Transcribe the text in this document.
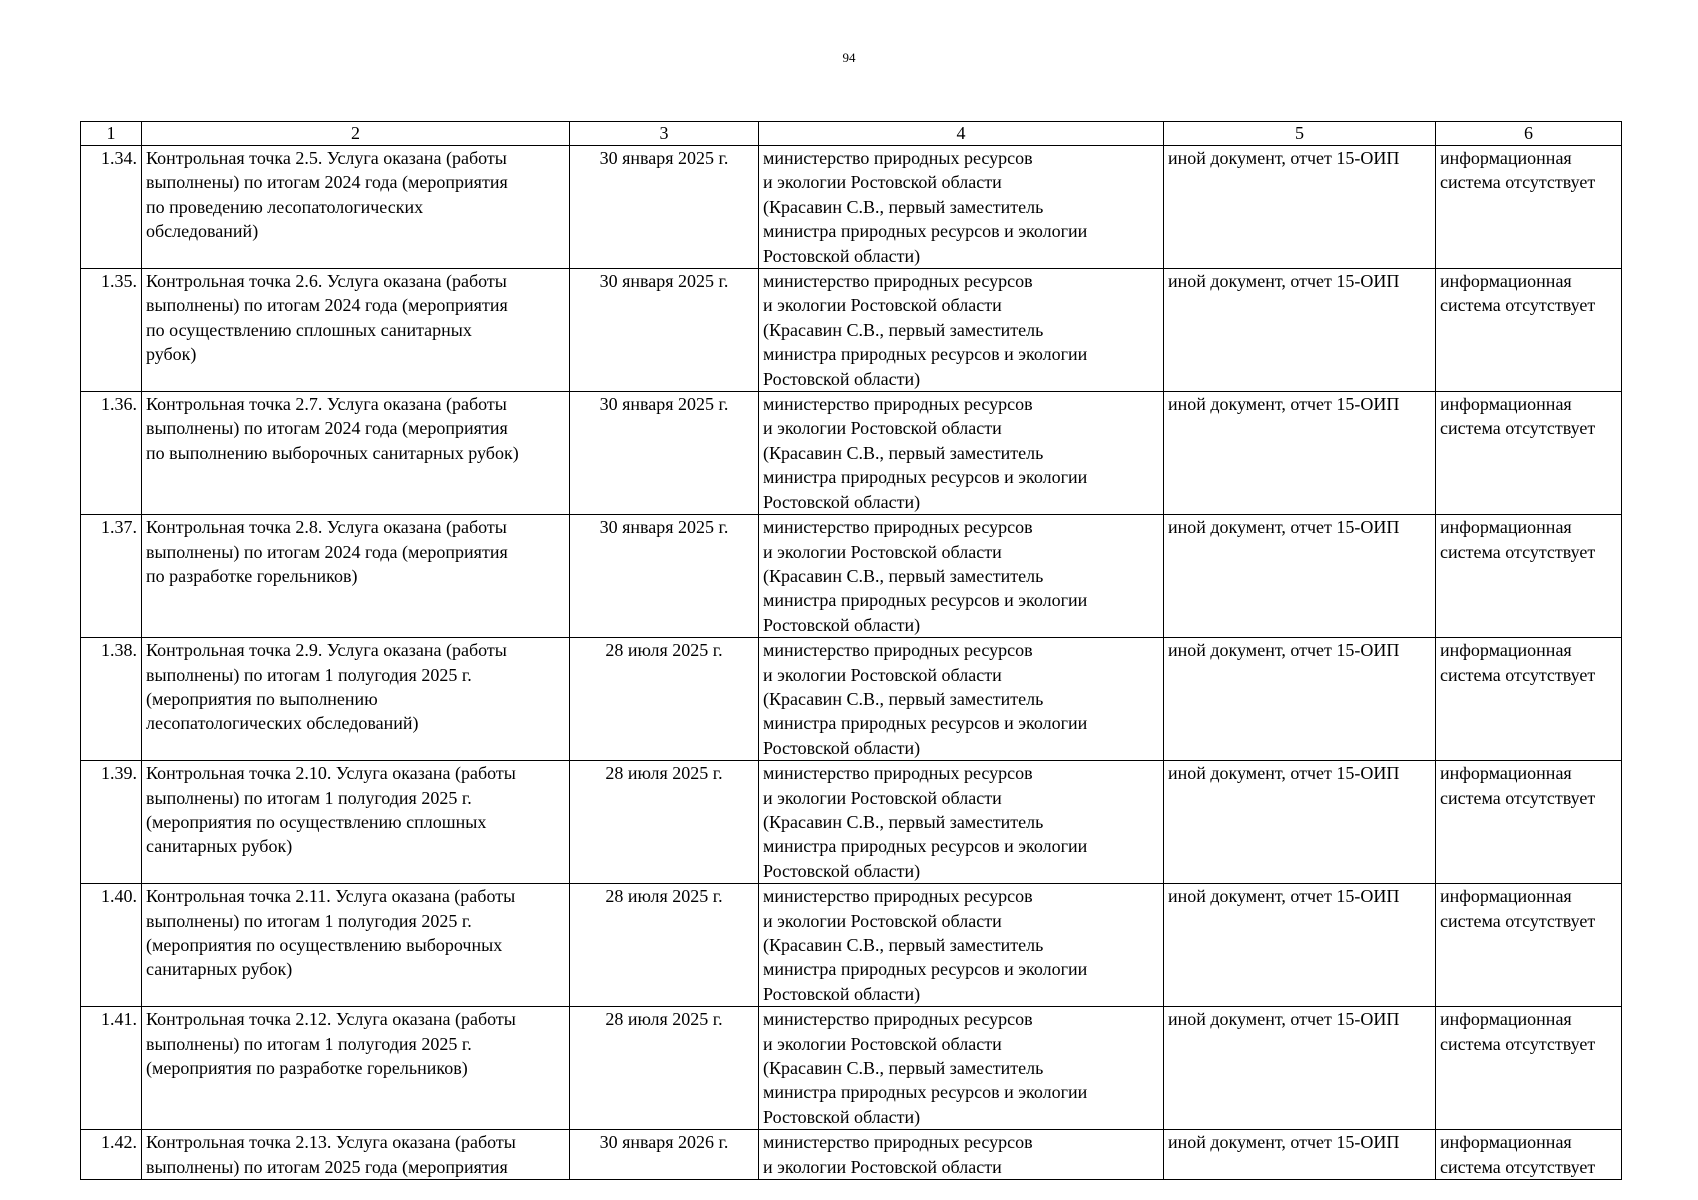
94
1	2	3	4	5	6

1.34.	Контрольная точка 2.5. Услуга оказана (работы
выполнены) по итогам 2024 года (мероприятия
по проведению лесопатологических
обследований)	30 января 2025 г.	министерство природных ресурсов
и экологии Ростовской области
(Красавин С.В., первый заместитель
министра природных ресурсов и экологии
Ростовской области)	иной документ, отчет 15-ОИП	информационная
система отсутствует

1.35.	Контрольная точка 2.6. Услуга оказана (работы
выполнены) по итогам 2024 года (мероприятия
по осуществлению сплошных санитарных
рубок)	30 января 2025 г.	министерство природных ресурсов
и экологии Ростовской области
(Красавин С.В., первый заместитель
министра природных ресурсов и экологии
Ростовской области)	иной документ, отчет 15-ОИП	информационная
система отсутствует

1.36.	Контрольная точка 2.7. Услуга оказана (работы
выполнены) по итогам 2024 года (мероприятия
по выполнению выборочных санитарных рубок)	30 января 2025 г.	министерство природных ресурсов
и экологии Ростовской области
(Красавин С.В., первый заместитель
министра природных ресурсов и экологии
Ростовской области)	иной документ, отчет 15-ОИП	информационная
система отсутствует

1.37.	Контрольная точка 2.8. Услуга оказана (работы
выполнены) по итогам 2024 года (мероприятия
по разработке горельников)	30 января 2025 г.	министерство природных ресурсов
и экологии Ростовской области
(Красавин С.В., первый заместитель
министра природных ресурсов и экологии
Ростовской области)	иной документ, отчет 15-ОИП	информационная
система отсутствует

1.38.	Контрольная точка 2.9. Услуга оказана (работы
выполнены) по итогам 1 полугодия 2025 г.
(мероприятия по выполнению
лесопатологических обследований)	28 июля 2025 г.	министерство природных ресурсов
и экологии Ростовской области
(Красавин С.В., первый заместитель
министра природных ресурсов и экологии
Ростовской области)	иной документ, отчет 15-ОИП	информационная
система отсутствует

1.39.	Контрольная точка 2.10. Услуга оказана (работы
выполнены) по итогам 1 полугодия 2025 г.
(мероприятия по осуществлению сплошных
санитарных рубок)	28 июля 2025 г.	министерство природных ресурсов
и экологии Ростовской области
(Красавин С.В., первый заместитель
министра природных ресурсов и экологии
Ростовской области)	иной документ, отчет 15-ОИП	информационная
система отсутствует

1.40.	Контрольная точка 2.11. Услуга оказана (работы
выполнены) по итогам 1 полугодия 2025 г.
(мероприятия по осуществлению выборочных
санитарных рубок)	28 июля 2025 г.	министерство природных ресурсов
и экологии Ростовской области
(Красавин С.В., первый заместитель
министра природных ресурсов и экологии
Ростовской области)	иной документ, отчет 15-ОИП	информационная
система отсутствует

1.41.	Контрольная точка 2.12. Услуга оказана (работы
выполнены) по итогам 1 полугодия 2025 г.
(мероприятия по разработке горельников)	28 июля 2025 г.	министерство природных ресурсов
и экологии Ростовской области
(Красавин С.В., первый заместитель
министра природных ресурсов и экологии
Ростовской области)	иной документ, отчет 15-ОИП	информационная
система отсутствует

1.42.	Контрольная точка 2.13. Услуга оказана (работы
выполнены) по итогам 2025 года (мероприятия	30 января 2026 г.	министерство природных ресурсов
и экологии Ростовской области	иной документ, отчет 15-ОИП	информационная
система отсутствует
